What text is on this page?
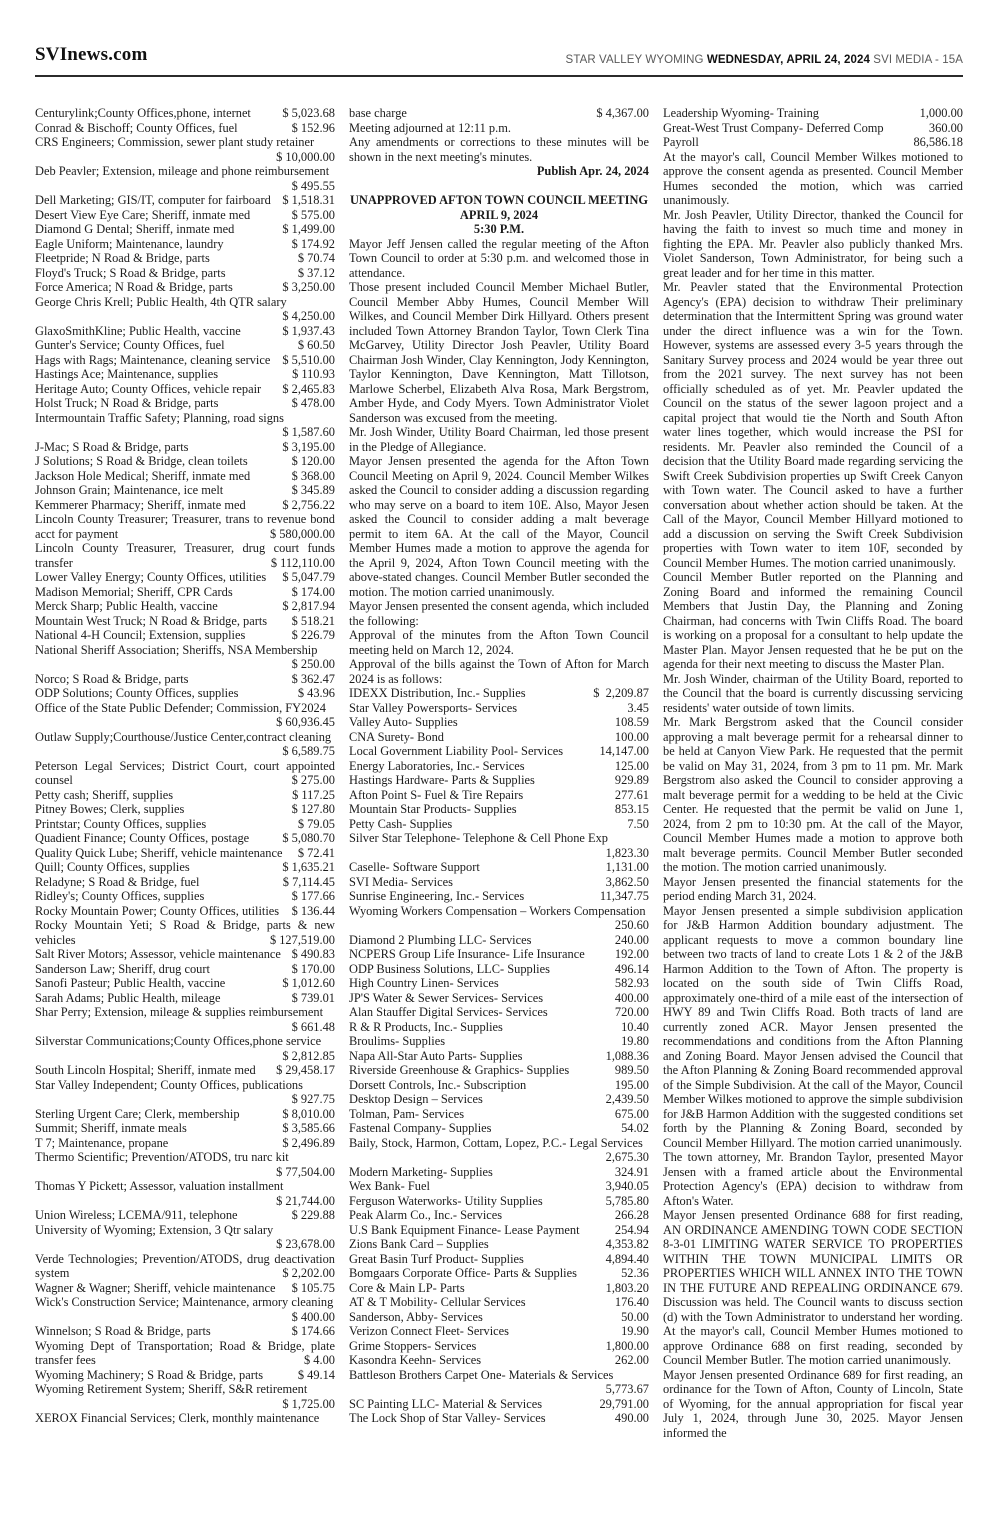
SVInews.com	STAR VALLEY WYOMING WEDNESDAY, APRIL 24, 2024 SVI MEDIA - 15A

Centurylink;County Offices,phone, internet	$ 5,023.68

Conrad & Bischoff; County Offices, fuel	$ 152.96

CRS Engineers; Commission, sewer plant study retainer
$ 10,000.00

Deb Peavler; Extension, mileage and phone reimbursement
$ 495.55

Dell Marketing; GIS/IT, computer for fairboard $ 1,518.31

Desert View Eye Care; Sheriff, inmate med	$ 575.00

Diamond G Dental; Sheriff, inmate med	$ 1,499.00

Eagle Uniform; Maintenance, laundry	$ 174.92

Fleetpride; N Road & Bridge, parts	$ 70.74

Floyd's Truck; S Road & Bridge, parts	$ 37.12

Force America; N Road & Bridge, parts	$ 3,250.00

George Chris Krell; Public Health, 4th QTR salary
$ 4,250.00

GlaxoSmithKline; Public Health, vaccine	$ 1,937.43

Gunter's Service; County Offices, fuel	$ 60.50

Hags with Rags; Maintenance, cleaning service $ 5,510.00

Hastings Ace; Maintenance, supplies	$ 110.93

Heritage Auto; County Offices, vehicle repair	$ 2,465.83

Holst Truck; N Road & Bridge, parts	$ 478.00

Intermountain Traffic Safety; Planning, road signs
$ 1,587.60

J-Mac; S Road & Bridge, parts	$ 3,195.00

J Solutions; S Road & Bridge, clean toilets	$ 120.00

Jackson Hole Medical; Sheriff, inmate med	$ 368.00

Johnson Grain; Maintenance, ice melt	$ 345.89

Kemmerer Pharmacy; Sheriff, inmate med	$ 2,756.22

Lincoln County Treasurer; Treasurer, trans to revenue bond acct for payment	$ 580,000.00

Lincoln County Treasurer, Treasurer, drug court funds transfer	$ 112,110.00

Lower Valley Energy; County Offices, utilities	$ 5,047.79

Madison Memorial; Sheriff, CPR Cards	$ 174.00

Merck Sharp; Public Health, vaccine	$ 2,817.94

Mountain West Truck; N Road & Bridge, parts	$ 518.21

National 4-H Council; Extension, supplies	$ 226.79

National Sheriff Association; Sheriffs, NSA Membership
$ 250.00

Norco; S Road & Bridge, parts	$ 362.47

ODP Solutions; County Offices, supplies	$ 43.96

Office of the State Public Defender; Commission, FY2024
$ 60,936.45

Outlaw Supply;Courthouse/Justice Center,contract cleaning
$ 6,589.75

Peterson Legal Services; District Court, court appointed counsel	$ 275.00

Petty cash; Sheriff, supplies	$ 117.25

Pitney Bowes; Clerk, supplies	$ 127.80

Printstar; County Offices, supplies	$ 79.05

Quadient Finance; County Offices, postage	$ 5,080.70

Quality Quick Lube; Sheriff, vehicle maintenance	$ 72.41

Quill; County Offices, supplies	$ 1,635.21

Reladyne; S Road & Bridge, fuel	$ 7,114.45

Ridley's; County Offices, supplies	$ 177.66

Rocky Mountain Power; County Offices, utilities	$ 136.44

Rocky Mountain Yeti; S Road & Bridge, parts & new vehicles	$ 127,519.00

Salt River Motors; Assessor, vehicle maintenance $ 490.83

Sanderson Law; Sheriff, drug court	$ 170.00

Sanofi Pasteur; Public Health, vaccine	$ 1,012.60

Sarah Adams; Public Health, mileage	$ 739.01

Shar Perry; Extension, mileage & supplies reimbursement
$ 661.48

Silverstar Communications;County Offices,phone service
$ 2,812.85

South Lincoln Hospital; Sheriff, inmate med	$ 29,458.17

Star Valley Independent; County Offices, publications
$ 927.75

Sterling Urgent Care; Clerk, membership	$ 8,010.00

Summit; Sheriff, inmate meals	$ 3,585.66

T 7; Maintenance, propane	$ 2,496.89

Thermo Scientific; Prevention/ATODS, tru narc kit
$ 77,504.00

Thomas Y Pickett; Assessor, valuation installment
$ 21,744.00

Union Wireless; LCEMA/911, telephone	$ 229.88

University of Wyoming; Extension, 3 Qtr salary
$ 23,678.00

Verde Technologies; Prevention/ATODS, drug deactivation system	$ 2,202.00

Wagner & Wagner; Sheriff, vehicle maintenance	$ 105.75

Wick's Construction Service; Maintenance, armory cleaning
$ 400.00

Winnelson; S Road & Bridge, parts	$ 174.66

Wyoming Dept of Transportation; Road & Bridge, plate transfer fees	$ 4.00

Wyoming Machinery; S Road & Bridge, parts	$ 49.14

Wyoming Retirement System; Sheriff, S&R retirement
$ 1,725.00

XEROX Financial Services; Clerk, monthly maintenance

base charge	$ 4,367.00

Meeting adjourned at 12:11 p.m.

Any amendments or corrections to these minutes will be shown in the next meeting's minutes.

Publish Apr. 24, 2024

UNAPPROVED AFTON TOWN COUNCIL MEETING

APRIL 9, 2024

5:30 P.M.

Mayor Jeff Jensen called the regular meeting of the Afton Town Council to order at 5:30 p.m. and welcomed those in attendance.

Those present included Council Member Michael Butler, Council Member Abby Humes, Council Member Will Wilkes, and Council Member Dirk Hillyard. Others present included Town Attorney Brandon Taylor, Town Clerk Tina McGarvey, Utility Director Josh Peavler, Utility Board Chairman Josh Winder, Clay Kennington, Jody Kennington, Taylor Kennington, Dave Kennington, Matt Tillotson, Marlowe Scherbel, Elizabeth Alva Rosa, Mark Bergstrom, Amber Hyde, and Cody Myers. Town Administrator Violet Sanderson was excused from the meeting.

Mr. Josh Winder, Utility Board Chairman, led those present in the Pledge of Allegiance.

Mayor Jensen presented the agenda for the Afton Town Council Meeting on April 9, 2024. Council Member Wilkes asked the Council to consider adding a discussion regarding who may serve on a board to item 10E. Also, Mayor Jesen asked the Council to consider adding a malt beverage permit to item 6A. At the call of the Mayor, Council Member Humes made a motion to approve the agenda for the April 9, 2024, Afton Town Council meeting with the above-stated changes. Council Member Butler seconded the motion. The motion carried unanimously.

Mayor Jensen presented the consent agenda, which included the following:

Approval of the minutes from the Afton Town Council meeting held on March 12, 2024.

Approval of the bills against the Town of Afton for March 2024 is as follows:

IDEXX Distribution, Inc.- Supplies	$  2,209.87

Star Valley Powersports- Services	3.45

Valley Auto- Supplies	108.59

CNA Surety- Bond	100.00

Local Government Liability Pool- Services	14,147.00

Energy Laboratories, Inc.- Services	125.00

Hastings Hardware- Parts & Supplies	929.89

Afton Point S- Fuel & Tire Repairs	277.61

Mountain Star Products- Supplies	853.15

Petty Cash- Supplies	7.50

Silver Star Telephone- Telephone & Cell Phone Exp
1,823.30

Caselle- Software Support	1,131.00

SVI Media- Services	3,862.50

Sunrise Engineering, Inc.- Services	11,347.75

Wyoming Workers Compensation – Workers Compensation
250.60

Diamond 2 Plumbing LLC- Services	240.00

NCPERS Group Life Insurance- Life Insurance	192.00

ODP Business Solutions, LLC- Supplies	496.14

High Country Linen- Services	582.93

JP'S Water & Sewer Services- Services	400.00

Alan Stauffer Digital Services- Services	720.00

R & R Products, Inc.- Supplies	10.40

Broulims- Supplies	19.80

Napa All-Star Auto Parts- Supplies	1,088.36

Riverside Greenhouse & Graphics- Supplies	989.50

Dorsett Controls, Inc.- Subscription	195.00

Desktop Design – Services	2,439.50

Tolman, Pam- Services	675.00

Fastenal Company- Supplies	54.02

Baily, Stock, Harmon, Cottam, Lopez, P.C.- Legal Services
2,675.30

Modern Marketing- Supplies	324.91

Wex Bank- Fuel	3,940.05

Ferguson Waterworks- Utility Supplies	5,785.80

Peak Alarm Co., Inc.- Services	266.28

U.S Bank Equipment Finance- Lease Payment	254.94

Zions Bank Card – Supplies	4,353.82

Great Basin Turf Product- Supplies	4,894.40

Bomgaars Corporate Office- Parts & Supplies	52.36

Core & Main LP- Parts	1,803.20

AT & T Mobility- Cellular Services	176.40

Sanderson, Abby- Services	50.00

Verizon Connect Fleet- Services	19.90

Grime Stoppers- Services	1,800.00

Kasondra Keehn- Services	262.00

Battleson Brothers Carpet One- Materials & Services
5,773.67

SC Painting LLC- Material & Services	29,791.00

The Lock Shop of Star Valley- Services	490.00

Leadership Wyoming- Training	1,000.00

Great-West Trust Company- Deferred Comp	360.00

Payroll	86,586.18

At the mayor's call, Council Member Wilkes motioned to approve the consent agenda as presented. Council Member Humes seconded the motion, which was carried unanimously.

Mr. Josh Peavler, Utility Director, thanked the Council for having the faith to invest so much time and money in fighting the EPA. Mr. Peavler also publicly thanked Mrs. Violet Sanderson, Town Administrator, for being such a great leader and for her time in this matter.

Mr. Peavler stated that the Environmental Protection Agency's (EPA) decision to withdraw Their preliminary determination that the Intermittent Spring was ground water under the direct influence was a win for the Town. However, systems are assessed every 3-5 years through the Sanitary Survey process and 2024 would be year three out from the 2021 survey. The next survey has not been officially scheduled as of yet. Mr. Peavler updated the Council on the status of the sewer lagoon project and a capital project that would tie the North and South Afton water lines together, which would increase the PSI for residents. Mr. Peavler also reminded the Council of a decision that the Utility Board made regarding servicing the Swift Creek Subdivision properties up Swift Creek Canyon with Town water. The Council asked to have a further conversation about whether action should be taken. At the Call of the Mayor, Council Member Hillyard motioned to add a discussion on serving the Swift Creek Subdivision properties with Town water to item 10F, seconded by Council Member Humes. The motion carried unanimously.

Council Member Butler reported on the Planning and Zoning Board and informed the remaining Council Members that Justin Day, the Planning and Zoning Chairman, had concerns with Twin Cliffs Road. The board is working on a proposal for a consultant to help update the Master Plan. Mayor Jensen requested that he be put on the agenda for their next meeting to discuss the Master Plan.

Mr. Josh Winder, chairman of the Utility Board, reported to the Council that the board is currently discussing servicing residents' water outside of town limits.

Mr. Mark Bergstrom asked that the Council consider approving a malt beverage permit for a rehearsal dinner to be held at Canyon View Park. He requested that the permit be valid on May 31, 2024, from 3 pm to 11 pm. Mr. Mark Bergstrom also asked the Council to consider approving a malt beverage permit for a wedding to be held at the Civic Center. He requested that the permit be valid on June 1, 2024, from 2 pm to 10:30 pm. At the call of the Mayor, Council Member Humes made a motion to approve both malt beverage permits. Council Member Butler seconded the motion. The motion carried unanimously.

Mayor Jensen presented the financial statements for the period ending March 31, 2024.

Mayor Jensen presented a simple subdivision application for J&B Harmon Addition boundary adjustment. The applicant requests to move a common boundary line between two tracts of land to create Lots 1 & 2 of the J&B Harmon Addition to the Town of Afton. The property is located on the south side of Twin Cliffs Road, approximately one-third of a mile east of the intersection of HWY 89 and Twin Cliffs Road. Both tracts of land are currently zoned ACR. Mayor Jensen presented the recommendations and conditions from the Afton Planning and Zoning Board. Mayor Jensen advised the Council that the Afton Planning & Zoning Board recommended approval of the Simple Subdivision. At the call of the Mayor, Council Member Wilkes motioned to approve the simple subdivision for J&B Harmon Addition with the suggested conditions set forth by the Planning & Zoning Board, seconded by Council Member Hillyard. The motion carried unanimously.

The town attorney, Mr. Brandon Taylor, presented Mayor Jensen with a framed article about the Environmental Protection Agency's (EPA) decision to withdraw from Afton's Water.

Mayor Jensen presented Ordinance 688 for first reading, AN ORDINANCE AMENDING TOWN CODE SECTION 8-3-01 LIMITING WATER SERVICE TO PROPERTIES WITHIN THE TOWN MUNICIPAL LIMITS OR PROPERTIES WHICH WILL ANNEX INTO THE TOWN IN THE FUTURE AND REPEALING ORDINANCE 679. Discussion was held. The Council wants to discuss section (d) with the Town Administrator to understand her wording. At the mayor's call, Council Member Humes motioned to approve Ordinance 688 on first reading, seconded by Council Member Butler. The motion carried unanimously.

Mayor Jensen presented Ordinance 689 for first reading, an ordinance for the Town of Afton, County of Lincoln, State of Wyoming, for the annual appropriation for fiscal year July 1, 2024, through June 30, 2025. Mayor Jensen informed the
